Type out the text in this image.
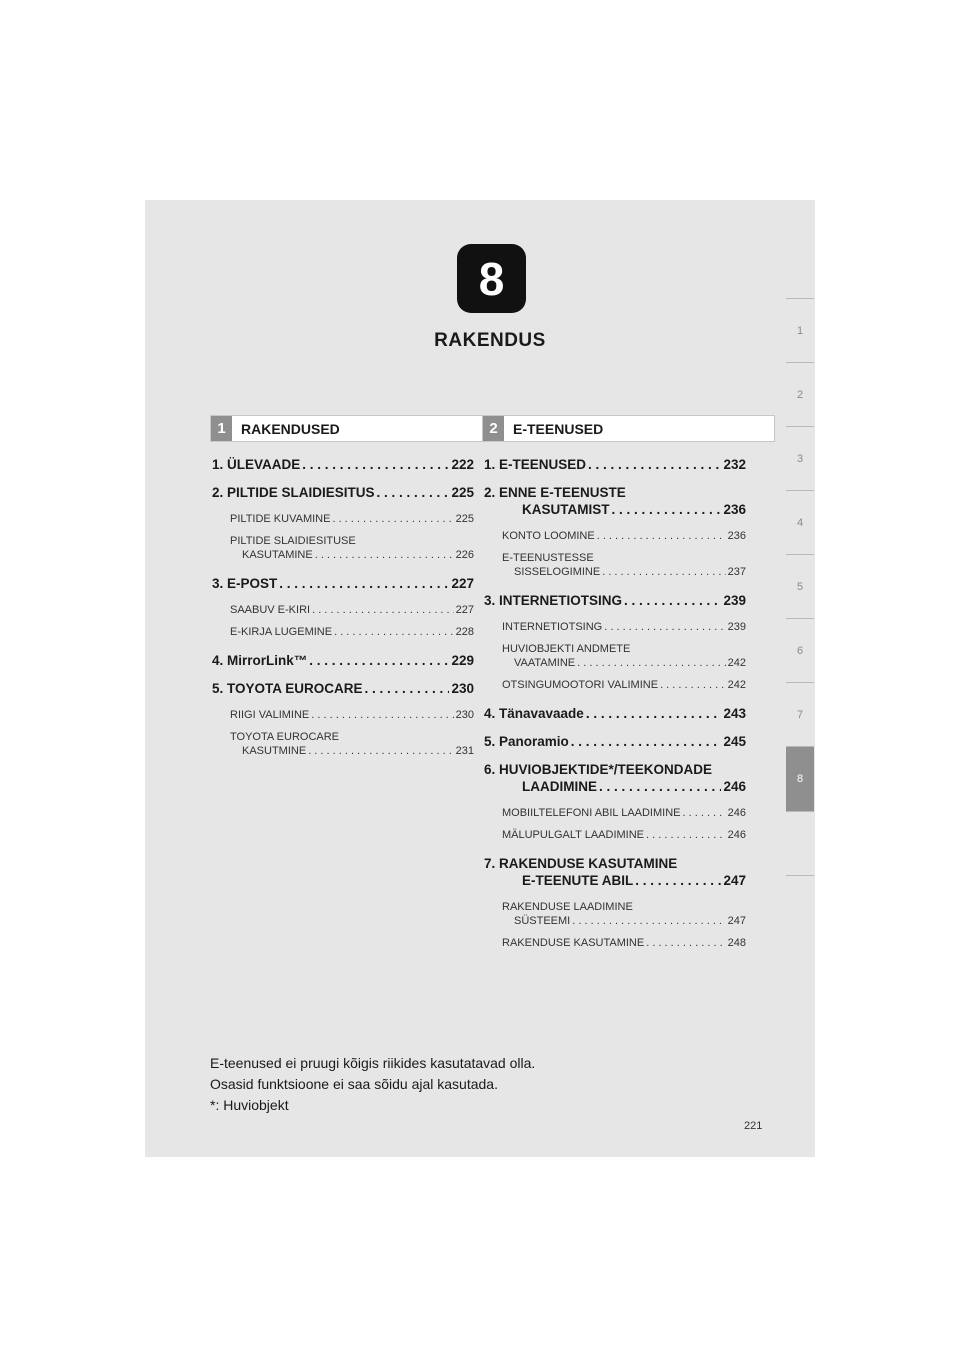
8
RAKENDUS	1
2
3
4
5
6
7
8
1	RAKENDUSED	2	E-TEENUSED
1. ÜLEVAADE . . .	222
2. PILTIDE SLAIDIESITUS . . .	225
PILTIDE KUVAMINE . . .	225
PILTIDE SLAIDIESITUSE
KASUTAMINE . . .	226
3. E-POST . . .	227
SAABUV E-KIRI . . .	227
E-KIRJA LUGEMINE . . .	228
4. MirrorLink™ . . .	229
5. TOYOTA EUROCARE . . .	230
RIIGI VALIMINE . . .	230
TOYOTA EUROCARE
KASUTMINE . . .	231
1. E-TEENUSED . . .	232
2. ENNE E-TEENUSTE
KASUTAMIST . . .	236
KONTO LOOMINE . . .	236
E-TEENUSTESSE
SISSELOGIMINE . . .	237
3. INTERNETIOTSING . . .	239
INTERNETIOTSING . . .	239
HUVIOBJEKTI ANDMETE
VAATAMINE . . .	242
OTSINGUMOOTORI VALIMINE . . .	242
4. Tänavavaade . . .	243
5. Panoramio . . .	245
6. HUVIOBJEKTIDE*/TEEKONDADE
LAADIMINE . . .	246
MOBIILTELEFONI ABIL LAADIMINE . . .	246
MÄLUPULGALT LAADIMINE . . .	246
7. RAKENDUSE KASUTAMINE
E-TEENUTE ABIL . . .	247
RAKENDUSE LAADIMINE
SÜSTEEMI . . .	247
RAKENDUSE KASUTAMINE . . .	248
E-teenused ei pruugi kõigis riikides kasutatavad olla.
Osasid funktsioone ei saa sõidu ajal kasutada.
*: Huviobjekt
221
